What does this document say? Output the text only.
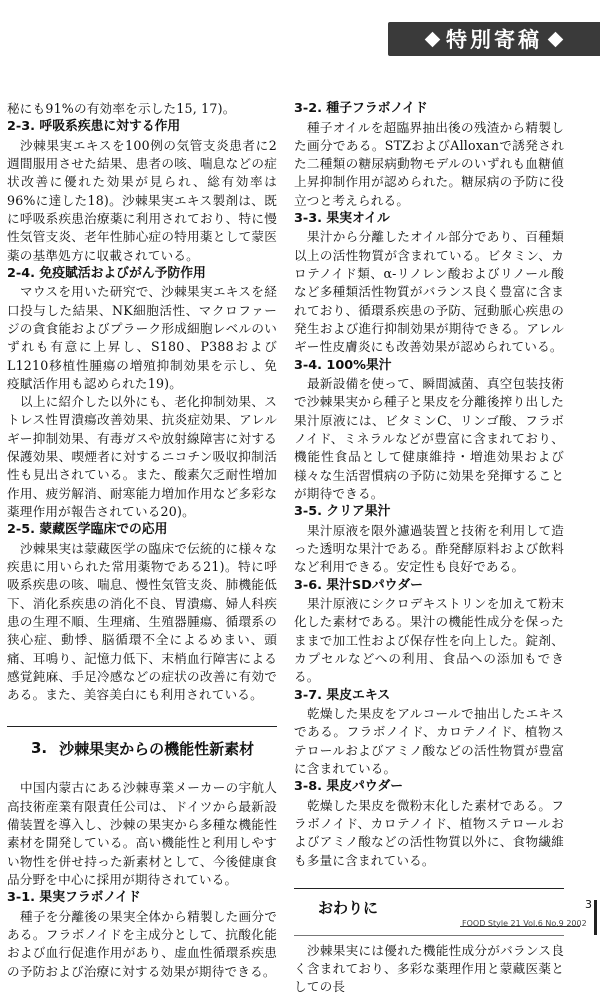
特別寄稿

秘にも91%の有効率を示した15, 17)。

2-3. 呼吸系疾患に対する作用

沙棘果実エキスを100例の気管支炎患者に2週間服用させた結果、患者の咳、喘息などの症状改善に優れた効果が見られ、総有効率は96%に達した18)。沙棘果実エキス製剤は、既に呼吸系疾患治療薬に利用されており、特に慢性気管支炎、老年性肺心症の特用薬として蒙医薬の基準処方に収載されている。

2-4. 免疫賦活およびがん予防作用

マウスを用いた研究で、沙棘果実エキスを経口投与した結果、NK細胞活性、マクロファージの貪食能およびプラーク形成細胞レベルのいずれも有意に上昇し、S180、P388およびL1210移植性腫瘍の増殖抑制効果を示し、免疫賦活作用も認められた19)。

以上に紹介した以外にも、老化抑制効果、ストレス性胃潰瘍改善効果、抗炎症効果、アレルギー抑制効果、有毒ガスや放射線障害に対する保護効果、喫煙者に対するニコチン吸収抑制活性も見出されている。また、酸素欠乏耐性増加作用、疲労解消、耐寒能力増加作用など多彩な薬理作用が報告されている20)。

2-5. 蒙藏医学臨床での応用

沙棘果実は蒙藏医学の臨床で伝統的に様々な疾患に用いられた常用薬物である21)。特に呼吸系疾患の咳、喘息、慢性気管支炎、肺機能低下、消化系疾患の消化不良、胃潰瘍、婦人科疾患の生理不順、生理痛、生殖器腫瘍、循環系の狭心症、動悸、脳循環不全によるめまい、頭痛、耳鳴り、記憶力低下、末梢血行障害による感覚鈍麻、手足冷感などの症状の改善に有効である。また、美容美白にも利用されている。

3. 沙棘果実からの機能性新素材

中国内蒙古にある沙棘専業メーカーの宇航人高技術産業有限責任公司は、ドイツから最新設備装置を導入し、沙棘の果実から多種な機能性素材を開発している。高い機能性と利用しやすい物性を併せ持った新素材として、今後健康食品分野を中心に採用が期待されている。

3-1. 果実フラボノイド

種子を分離後の果実全体から精製した画分である。フラボノイドを主成分として、抗酸化能および血行促進作用があり、虚血性循環系疾患の予防および治療に対する効果が期待できる。

3-2. 種子フラボノイド

種子オイルを超臨界抽出後の残渣から精製した画分である。STZおよびAlloxanで誘発された二種類の糖尿病動物モデルのいずれも血糖値上昇抑制作用が認められた。糖尿病の予防に役立つと考えられる。

3-3. 果実オイル

果汁から分離したオイル部分であり、百種類以上の活性物質が含まれている。ビタミン、カロテノイド類、α-リノレン酸およびリノール酸など多種類活性物質がバランス良く豊富に含まれており、循環系疾患の予防、冠動脈心疾患の発生および進行抑制効果が期待できる。アレルギー性皮膚炎にも改善効果が認められている。

3-4. 100%果汁

最新設備を使って、瞬間滅菌、真空包装技術で沙棘果実から種子と果皮を分離後搾り出した果汁原液には、ビタミンC、リンゴ酸、フラボノイド、ミネラルなどが豊富に含まれており、機能性食品として健康維持・増進効果および様々な生活習慣病の予防に効果を発揮することが期待できる。

3-5. クリア果汁

果汁原液を限外濾過装置と技術を利用して造った透明な果汁である。酢発酵原料および飲料など利用できる。安定性も良好である。

3-6. 果汁SDパウダー

果汁原液にシクロデキストリンを加えて粉末化した素材である。果汁の機能性成分を保ったままで加工性および保存性を向上した。錠剤、カプセルなどへの利用、食品への添加もできる。

3-7. 果皮エキス

乾燥した果皮をアルコールで抽出したエキスである。フラボノイド、カロテノイド、植物ステロールおよびアミノ酸などの活性物質が豊富に含まれている。

3-8. 果皮パウダー

乾燥した果皮を微粉末化した素材である。フラボノイド、カロテノイド、植物ステロールおよびアミノ酸などの活性物質以外に、食物繊維も多量に含まれている。

おわりに

沙棘果実には優れた機能性成分がバランス良く含まれており、多彩な薬理作用と蒙藏医薬としての長

3
FOOD Style 21 Vol.6 No.9 2002
